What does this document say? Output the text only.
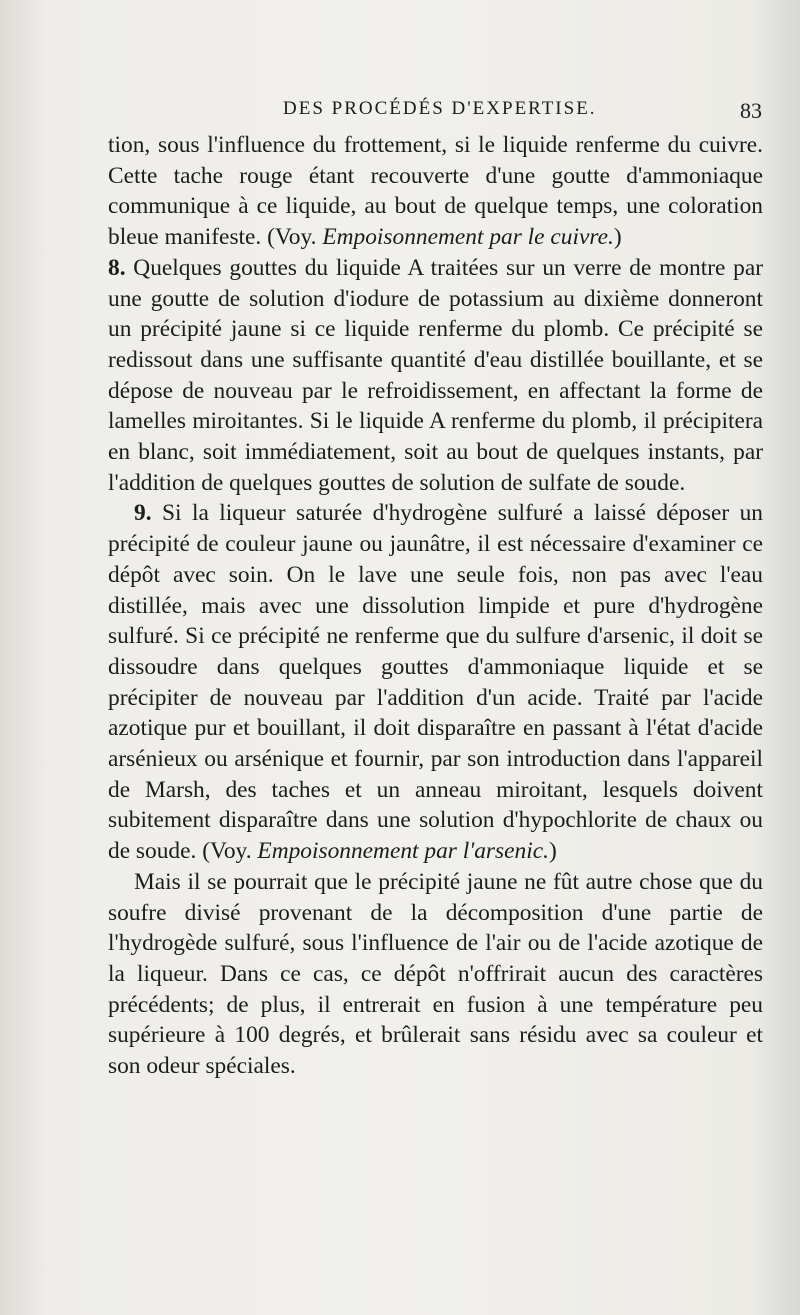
DES PROCÉDÉS D'EXPERTISE.	83

tion, sous l'influence du frottement, si le liquide renferme du cuivre. Cette tache rouge étant recouverte d'une goutte d'ammoniaque communique à ce liquide, au bout de quelque temps, une coloration bleue manifeste. (Voy. Empoisonnement par le cuivre.)

8. Quelques gouttes du liquide A traitées sur un verre de montre par une goutte de solution d'iodure de potassium au dixième donneront un précipité jaune si ce liquide renferme du plomb. Ce précipité se redissout dans une suffisante quantité d'eau distillée bouillante, et se dépose de nouveau par le refroidissement, en affectant la forme de lamelles miroitantes. Si le liquide A renferme du plomb, il précipitera en blanc, soit immédiatement, soit au bout de quelques instants, par l'addition de quelques gouttes de solution de sulfate de soude.

9. Si la liqueur saturée d'hydrogène sulfuré a laissé déposer un précipité de couleur jaune ou jaunâtre, il est nécessaire d'examiner ce dépôt avec soin. On le lave une seule fois, non pas avec l'eau distillée, mais avec une dissolution limpide et pure d'hydrogène sulfuré. Si ce précipité ne renferme que du sulfure d'arsenic, il doit se dissoudre dans quelques gouttes d'ammoniaque liquide et se précipiter de nouveau par l'addition d'un acide. Traité par l'acide azotique pur et bouillant, il doit disparaître en passant à l'état d'acide arsénieux ou arsénique et fournir, par son introduction dans l'appareil de Marsh, des taches et un anneau miroitant, lesquels doivent subitement disparaître dans une solution d'hypochlorite de chaux ou de soude. (Voy. Empoisonnement par l'arsenic.)

Mais il se pourrait que le précipité jaune ne fût autre chose que du soufre divisé provenant de la décomposition d'une partie de l'hydrogède sulfuré, sous l'influence de l'air ou de l'acide azotique de la liqueur. Dans ce cas, ce dépôt n'offrirait aucun des caractères précédents; de plus, il entrerait en fusion à une température peu supérieure à 100 degrés, et brûlerait sans résidu avec sa couleur et son odeur spéciales.
